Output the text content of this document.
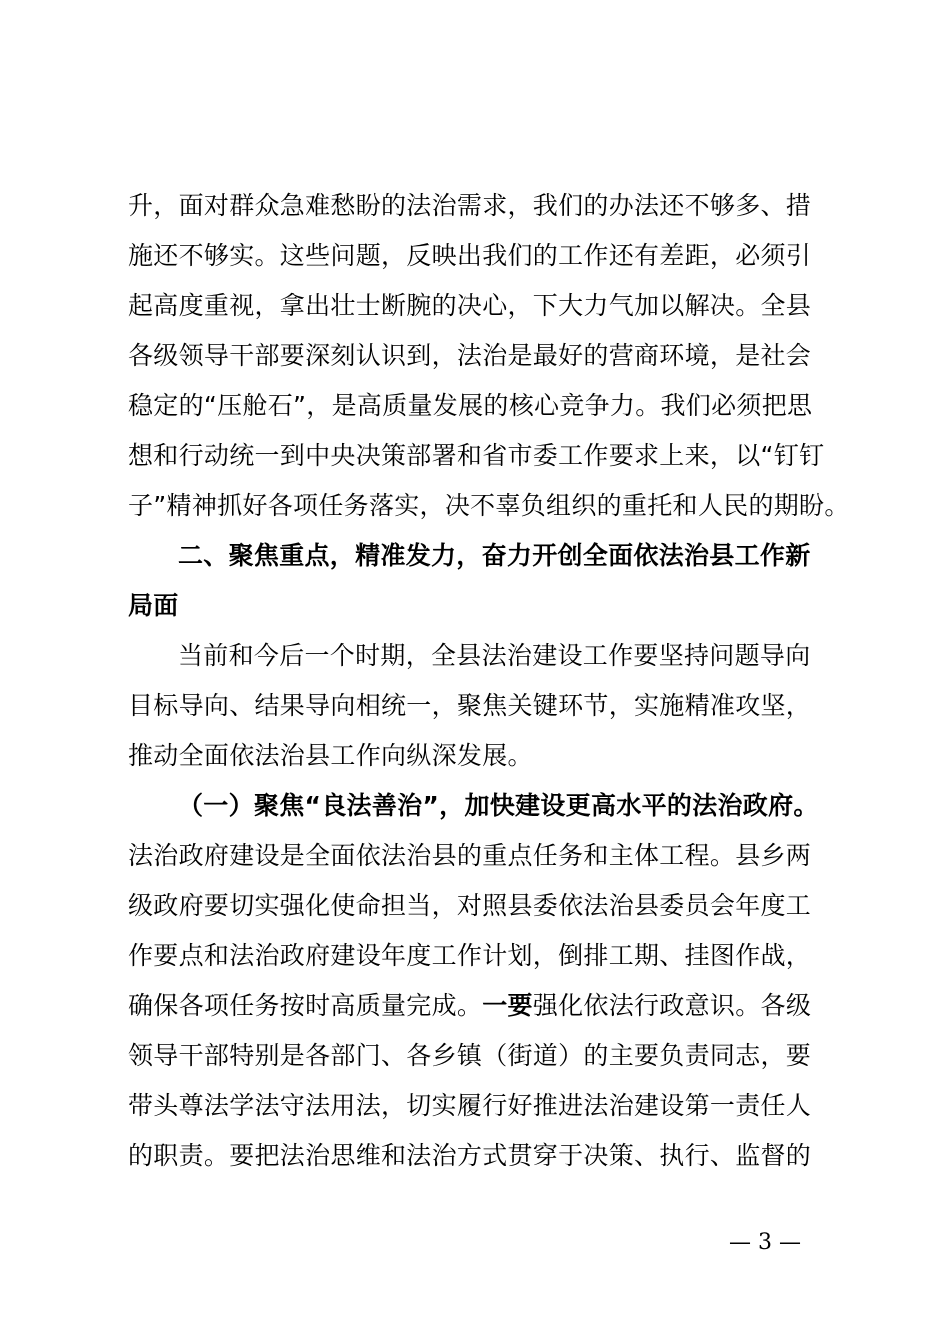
升，面对群众急难愁盼的法治需求，我们的办法还不够多、措
施还不够实。这些问题，反映出我们的工作还有差距，必须引
起高度重视，拿出壮士断腕的决心，下大力气加以解决。全县
各级领导干部要深刻认识到，法治是最好的营商环境，是社会
稳定的“压舱石”，是高质量发展的核心竞争力。我们必须把思
想和行动统一到中央决策部署和省市委工作要求上来，以“钉钉
子”精神抓好各项任务落实，决不辜负组织的重托和人民的期盼。
二、聚焦重点，精准发力，奋力开创全面依法治县工作新
局面
当前和今后一个时期，全县法治建设工作要坚持问题导向
目标导向、结果导向相统一，聚焦关键环节，实施精准攻坚，
推动全面依法治县工作向纵深发展。
（一）聚焦“良法善治”，加快建设更高水平的法治政府。
法治政府建设是全面依法治县的重点任务和主体工程。县乡两
级政府要切实强化使命担当，对照县委依法治县委员会年度工
作要点和法治政府建设年度工作计划，倒排工期、挂图作战，
确保各项任务按时高质量完成。一要强化依法行政意识。各级
领导干部特别是各部门、各乡镇（街道）的主要负责同志，要
带头尊法学法守法用法，切实履行好推进法治建设第一责任人
的职责。要把法治思维和法治方式贯穿于决策、执行、监督的
— 3 —
